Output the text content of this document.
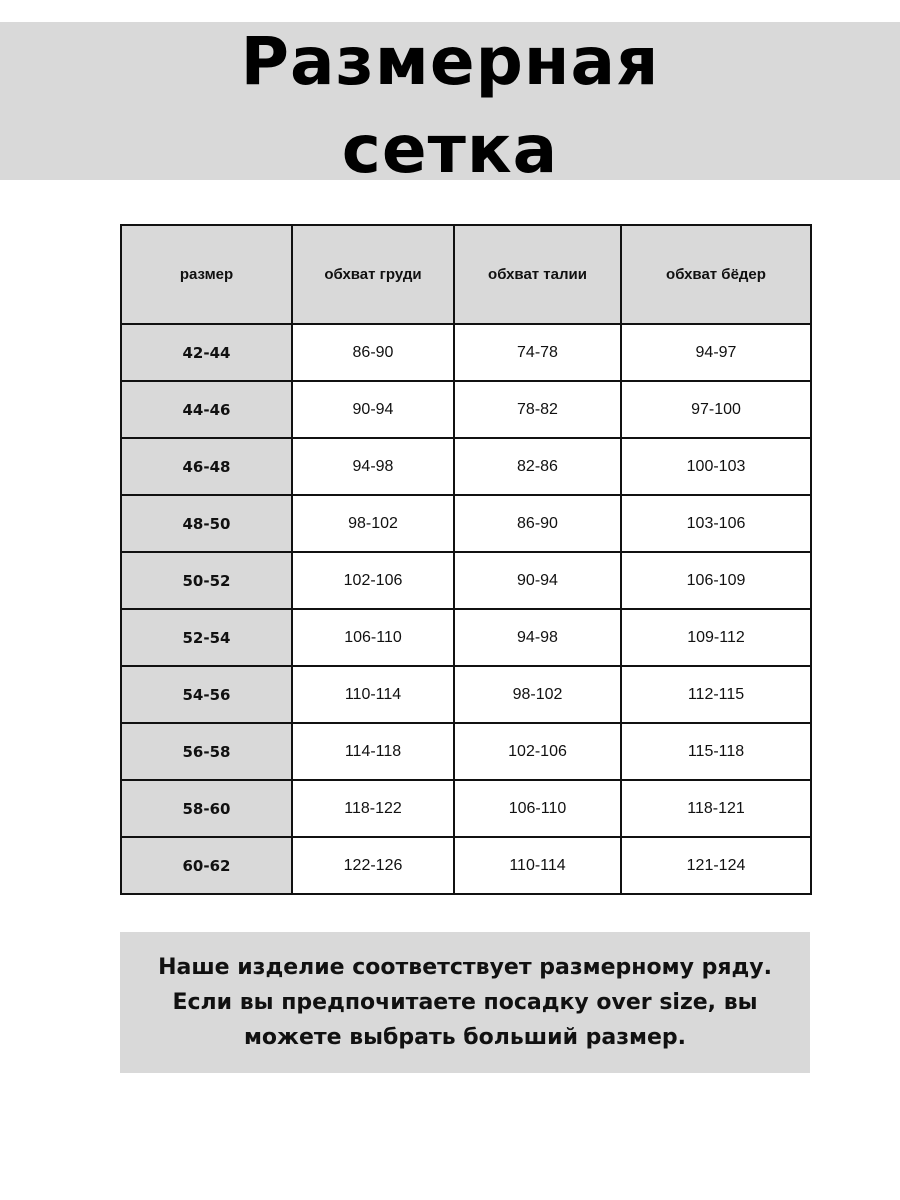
Размерная
сетка
размер	обхват груди	обхват талии	обхват бёдер
42-44	86-90	74-78	94-97
44-46	90-94	78-82	97-100
46-48	94-98	82-86	100-103
48-50	98-102	86-90	103-106
50-52	102-106	90-94	106-109
52-54	106-110	94-98	109-112
54-56	110-114	98-102	112-115
56-58	114-118	102-106	115-118
58-60	118-122	106-110	118-121
60-62	122-126	110-114	121-124
Наше изделие соответствует размерному ряду.
Если вы предпочитаете посадку over size, вы
можете выбрать больший размер.
